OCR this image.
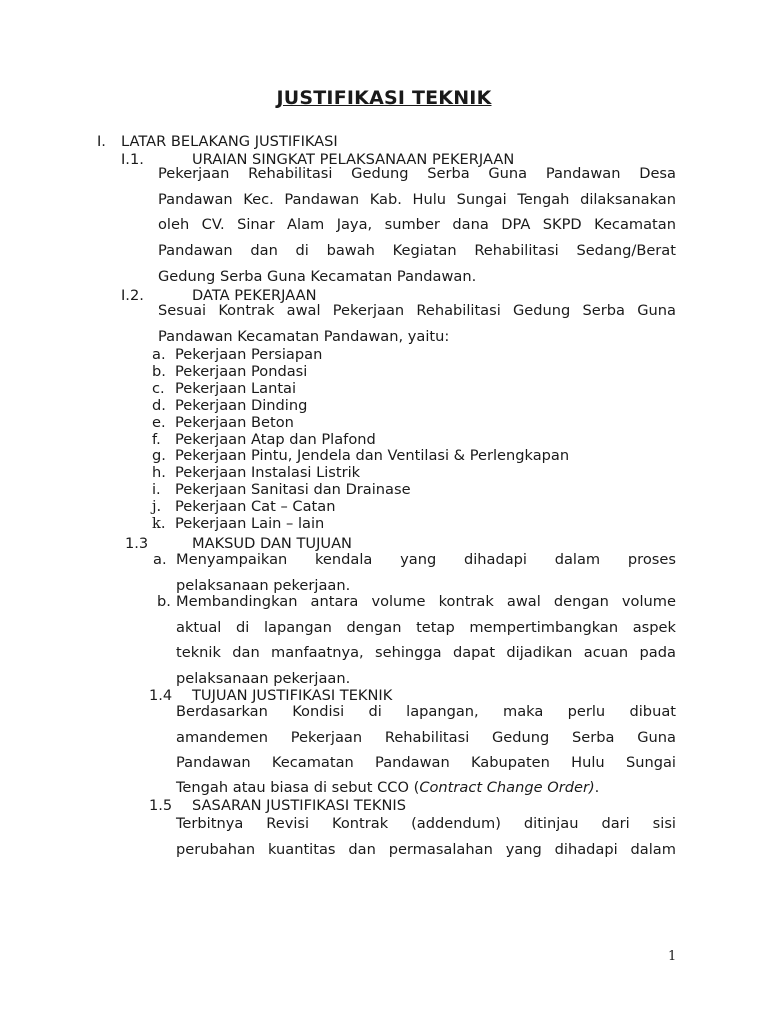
JUSTIFIKASI TEKNIK
I. LATAR BELAKANG JUSTIFIKASI
I.1.	URAIAN SINGKAT PELAKSANAAN PEKERJAAN
Pekerjaan Rehabilitasi Gedung Serba Guna Pandawan Desa
Pandawan Kec. Pandawan Kab. Hulu Sungai Tengah dilaksanakan
oleh CV. Sinar Alam Jaya, sumber dana DPA SKPD Kecamatan
Pandawan dan di bawah Kegiatan Rehabilitasi Sedang/Berat
Gedung Serba Guna Kecamatan Pandawan.
I.2.	DATA PEKERJAAN
Sesuai Kontrak awal Pekerjaan Rehabilitasi Gedung Serba Guna
Pandawan Kecamatan Pandawan, yaitu:
a. Pekerjaan Persiapan
b. Pekerjaan Pondasi
c. Pekerjaan Lantai
d. Pekerjaan Dinding
e. Pekerjaan Beton
f. Pekerjaan Atap dan Plafond
g. Pekerjaan Pintu, Jendela dan Ventilasi & Perlengkapan
h. Pekerjaan Instalasi Listrik
i. Pekerjaan Sanitasi dan Drainase
j. Pekerjaan Cat – Catan
k. Pekerjaan Lain – lain
1.3	MAKSUD DAN TUJUAN
a. Menyampaikan kendala yang dihadapi dalam proses
pelaksanaan pekerjaan.
b. Membandingkan antara volume kontrak awal dengan volume
aktual di lapangan dengan tetap mempertimbangkan aspek
teknik dan manfaatnya, sehingga dapat dijadikan acuan pada
pelaksanaan pekerjaan.
1.4 TUJUAN JUSTIFIKASI TEKNIK
Berdasarkan Kondisi di lapangan, maka perlu dibuat
amandemen Pekerjaan Rehabilitasi Gedung Serba Guna
Pandawan Kecamatan Pandawan Kabupaten Hulu Sungai
Tengah atau biasa di sebut CCO (Contract Change Order).
1.5 SASARAN JUSTIFIKASI TEKNIS
Terbitnya Revisi Kontrak (addendum) ditinjau dari sisi
perubahan kuantitas dan permasalahan yang dihadapi dalam
1
